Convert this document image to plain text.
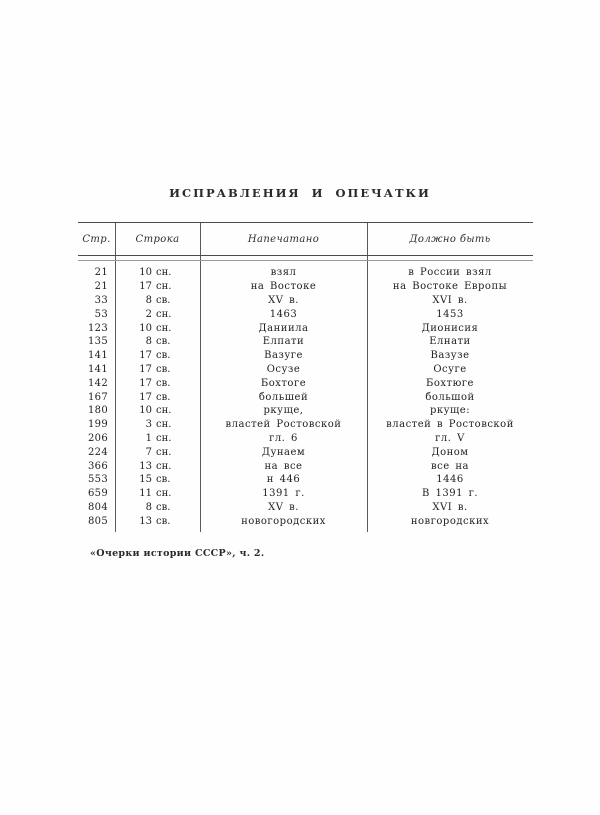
ИСПРАВЛЕНИЯ И ОПЕЧАТКИ
Стр.	Строка	Напечатано	Должно быть
21	10 сн.	взял	в России взял
21	17 сн.	на Востоке	на Востоке Европы
33	8 св.	XV в.	XVI в.
53	2 сн.	1463	1453
123	10 сн.	Даниила	Дионисия
135	8 св.	Елпати	Елнати
141	17 св.	Вазуге	Вазузе
141	17 св.	Осузе	Осуге
142	17 св.	Бохтоге	Бохтюге
167	17 св.	большей	большой
180	10 сн.	ркуще,	ркуще:
199	3 сн.	властей Ростовской	властей в Ростовской
206	1 сн.	гл. 6	гл. V
224	7 сн.	Дунаем	Доном
366	13 сн.	на все	все на
553	15 св.	н 446	1446
659	11 сн.	1391 г.	В 1391 г.
804	8 св.	XV в.	XVI в.
805	13 св.	новогородских	новгородских
«Очерки истории СССР», ч. 2.
